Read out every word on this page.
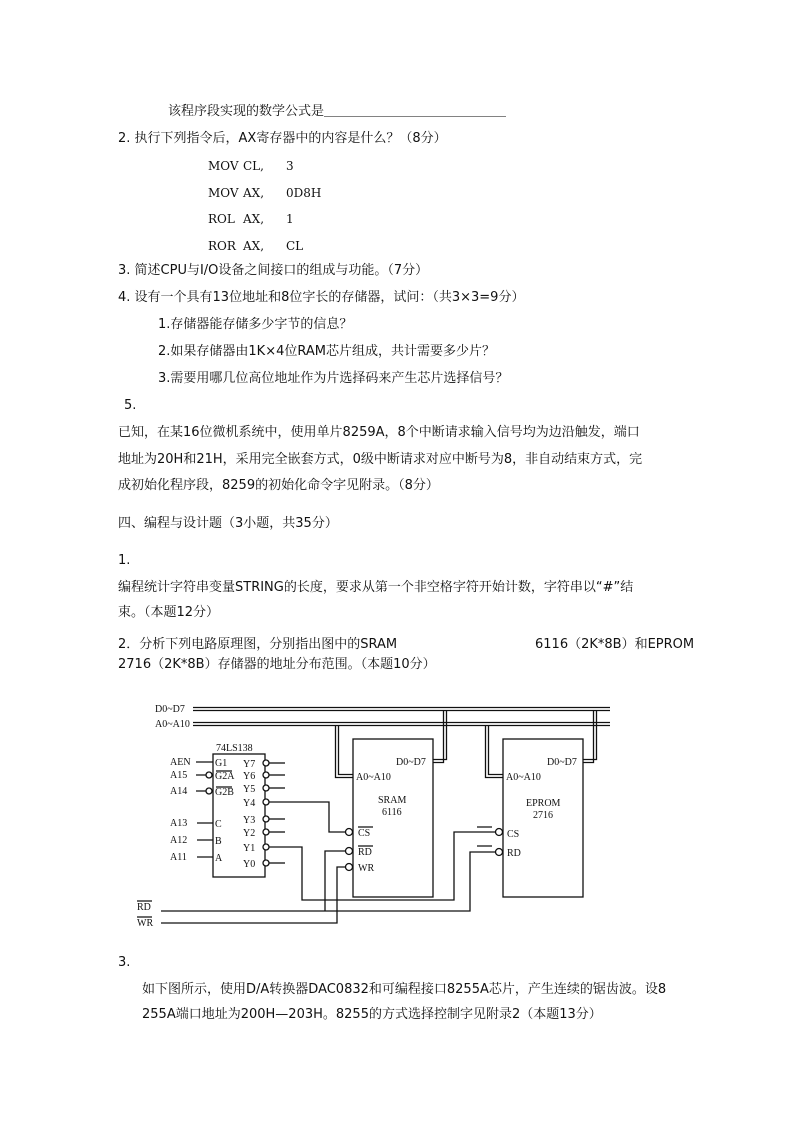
该程序段实现的数学公式是＿＿＿＿＿＿＿＿＿＿＿＿＿＿
2. 执行下列指令后，AX寄存器中的内容是什么？（8分）
MOV CL, 3
MOV AX, 0D8H
ROL AX, 1
ROR AX, CL
3. 简述CPU与I/O设备之间接口的组成与功能。（7分）
4. 设有一个具有13位地址和8位字长的存储器，试问：（共3×3=9分）
1.存储器能存储多少字节的信息？
2.如果存储器由1K×4位RAM芯片组成，共计需要多少片？
3.需要用哪几位高位地址作为片选择码来产生芯片选择信号？
5.
已知，在某16位微机系统中，使用单片8259A，8个中断请求输入信号均为边沿触发，端口
地址为20H和21H，采用完全嵌套方式，0级中断请求对应中断号为8，非自动结束方式，完
成初始化程序段，8259的初始化命令字见附录。（8分）
四、编程与设计题（3小题，共35分）
1.
编程统计字符串变量STRING的长度，要求从第一个非空格字符开始计数，字符串以“#”结
束。（本题12分）
2．分析下列电路原理图，分别指出图中的SRAM	6116（2K*8B）和EPROM
2716（2K*8B）存储器的地址分布范围。（本题10分）
D0~D7
A0~A10
74LS138
AEN G1
A15	G2A
A14	G2B
A13	C
A12	B
A11	A
Y7
Y6
Y5
Y4
Y3
Y2
Y1
Y0
A0~A10
D0~D7
SRAM
6116
CS
RD
WR
A0~A10
D0~D7
EPROM
2716
CS
RD
RD
WR
3.
如下图所示，使用D/A转换器DAC0832和可编程接口8255A芯片，产生连续的锯齿波。设8
255A端口地址为200H—203H。8255的方式选择控制字见附录2（本题13分）
